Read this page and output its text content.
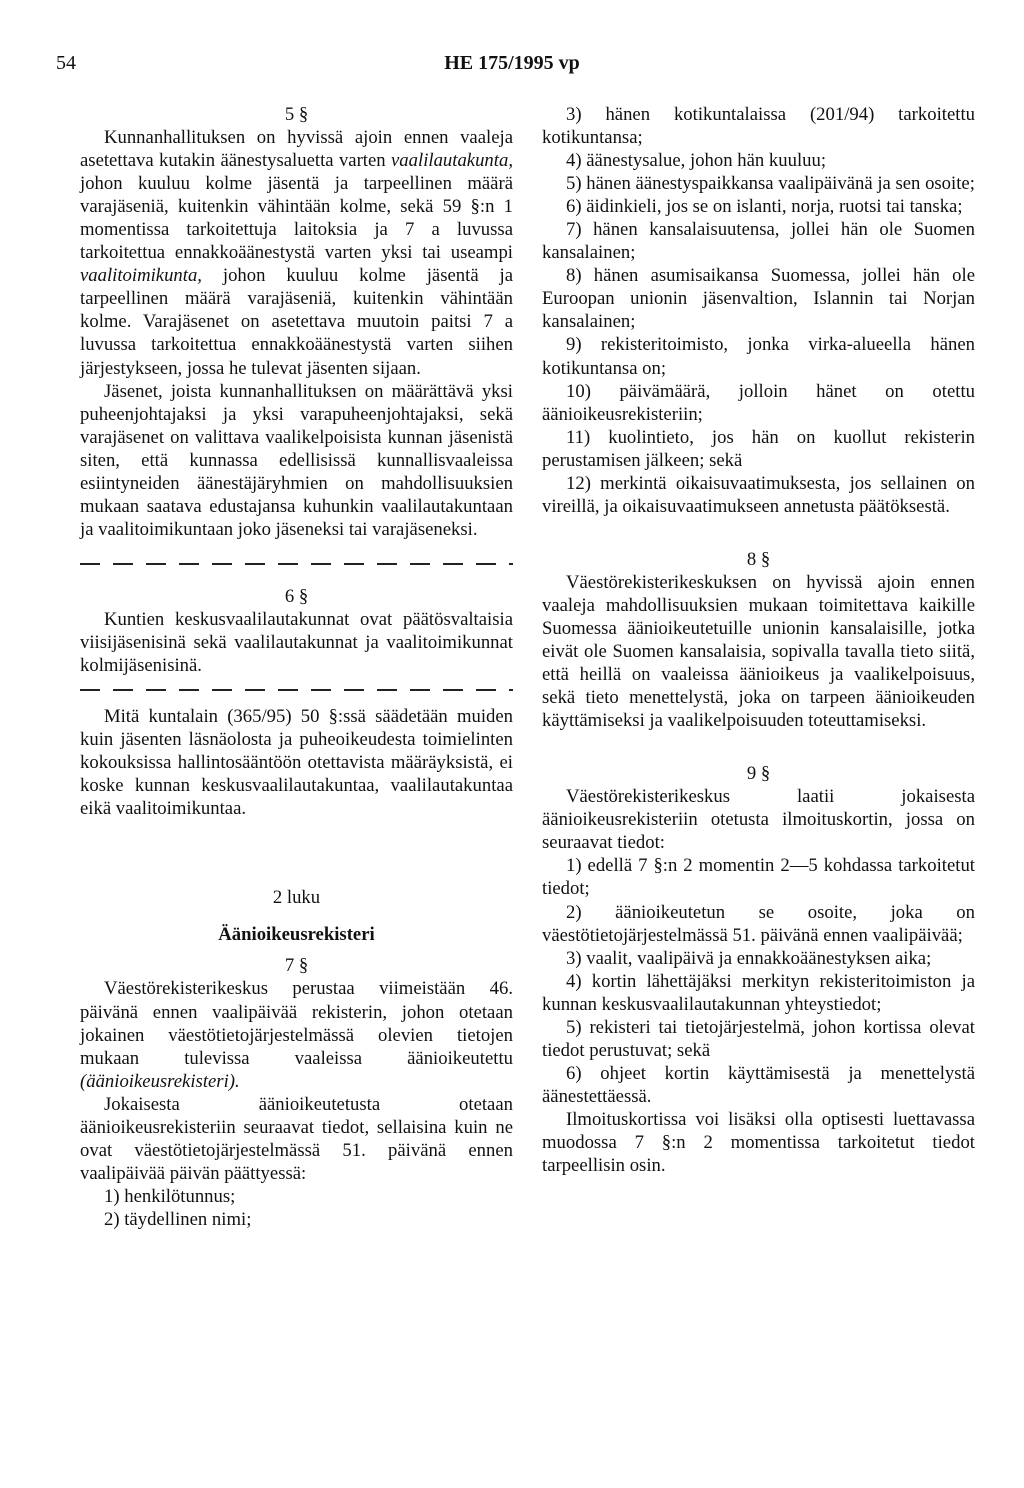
54	HE 175/1995 vp
5 §

Kunnanhallituksen on hyvissä ajoin ennen vaaleja asetettava kutakin äänestysaluetta varten vaalilautakunta, johon kuuluu kolme jäsentä ja tarpeellinen määrä varajäseniä, kuitenkin vähintään kolme, sekä 59 §:n 1 momentissa tarkoitettuja laitoksia ja 7 a luvussa tarkoitettua ennakkoäänestystä varten yksi tai useampi vaalitoimikunta, johon kuuluu kolme jäsentä ja tarpeellinen määrä varajäseniä, kuitenkin vähintään kolme. Varajäsenet on asetettava muutoin paitsi 7 a luvussa tarkoitettua ennakkoäänestystä varten siihen järjestykseen, jossa he tulevat jäsenten sijaan.

Jäsenet, joista kunnanhallituksen on määrättävä yksi puheenjohtajaksi ja yksi varapuheenjohtajaksi, sekä varajäsenet on valittava vaalikelpoisista kunnan jäsenistä siten, että kunnassa edellisissä kunnallisvaaleissa esiintyneiden äänestäjäryhmien on mahdollisuuksien mukaan saatava edustajansa kuhunkin vaalilautakuntaan ja vaalitoimikuntaan joko jäseneksi tai varajäseneksi.

6 §

Kuntien keskusvaalilautakunnat ovat päätösvaltaisia viisijäsenisinä sekä vaalilautakunnat ja vaalitoimikunnat kolmijäsenisinä.

Mitä kuntalain (365/95) 50 §:ssä säädetään muiden kuin jäsenten läsnäolosta ja puheoikeudesta toimielinten kokouksissa hallintosääntöön otettavista määräyksistä, ei koske kunnan keskusvaalilautakuntaa, vaalilautakuntaa eikä vaalitoimikuntaa.

2 luku
Äänioikeusrekisteri
7 §

Väestörekisterikeskus perustaa viimeistään 46. päivänä ennen vaalipäivää rekisterin, johon otetaan jokainen väestötietojärjestelmässä olevien tietojen mukaan tulevissa vaaleissa äänioikeutettu (äänioikeusrekisteri).

Jokaisesta äänioikeutetusta otetaan äänioikeusrekisteriin seuraavat tiedot, sellaisina kuin ne ovat väestötietojärjestelmässä 51. päivänä ennen vaalipäivää päivän päättyessä:

1) henkilötunnus;

2) täydellinen nimi;

3) hänen kotikuntalaissa (201/94) tarkoitettu kotikuntansa;

4) äänestysalue, johon hän kuuluu;

5) hänen äänestyspaikkansa vaalipäivänä ja sen osoite;

6) äidinkieli, jos se on islanti, norja, ruotsi tai tanska;

7) hänen kansalaisuutensa, jollei hän ole Suomen kansalainen;

8) hänen asumisaikansa Suomessa, jollei hän ole Euroopan unionin jäsenvaltion, Islannin tai Norjan kansalainen;

9) rekisteritoimisto, jonka virka-alueella hänen kotikuntansa on;

10) päivämäärä, jolloin hänet on otettu äänioikeusrekisteriin;

11) kuolintieto, jos hän on kuollut rekisterin perustamisen jälkeen; sekä

12) merkintä oikaisuvaatimuksesta, jos sellainen on vireillä, ja oikaisuvaatimukseen annetusta päätöksestä.

8 §

Väestörekisterikeskuksen on hyvissä ajoin ennen vaaleja mahdollisuuksien mukaan toimitettava kaikille Suomessa äänioikeutetuille unionin kansalaisille, jotka eivät ole Suomen kansalaisia, sopivalla tavalla tieto siitä, että heillä on vaaleissa äänioikeus ja vaalikelpoisuus, sekä tieto menettelystä, joka on tarpeen äänioikeuden käyttämiseksi ja vaalikelpoisuuden toteuttamiseksi.

9 §

Väestörekisterikeskus laatii jokaisesta äänioikeusrekisteriin otetusta ilmoituskortin, jossa on seuraavat tiedot:

1) edellä 7 §:n 2 momentin 2—5 kohdassa tarkoitetut tiedot;

2) äänioikeutetun se osoite, joka on väestötietojärjestelmässä 51. päivänä ennen vaalipäivää;

3) vaalit, vaalipäivä ja ennakkoäänestyksen aika;

4) kortin lähettäjäksi merkityn rekisteritoimiston ja kunnan keskusvaalilautakunnan yhteystiedot;

5) rekisteri tai tietojärjestelmä, johon kortissa olevat tiedot perustuvat; sekä

6) ohjeet kortin käyttämisestä ja menettelystä äänestettäessä.

Ilmoituskortissa voi lisäksi olla optisesti luettavassa muodossa 7 §:n 2 momentissa tarkoitetut tiedot tarpeellisin osin.
